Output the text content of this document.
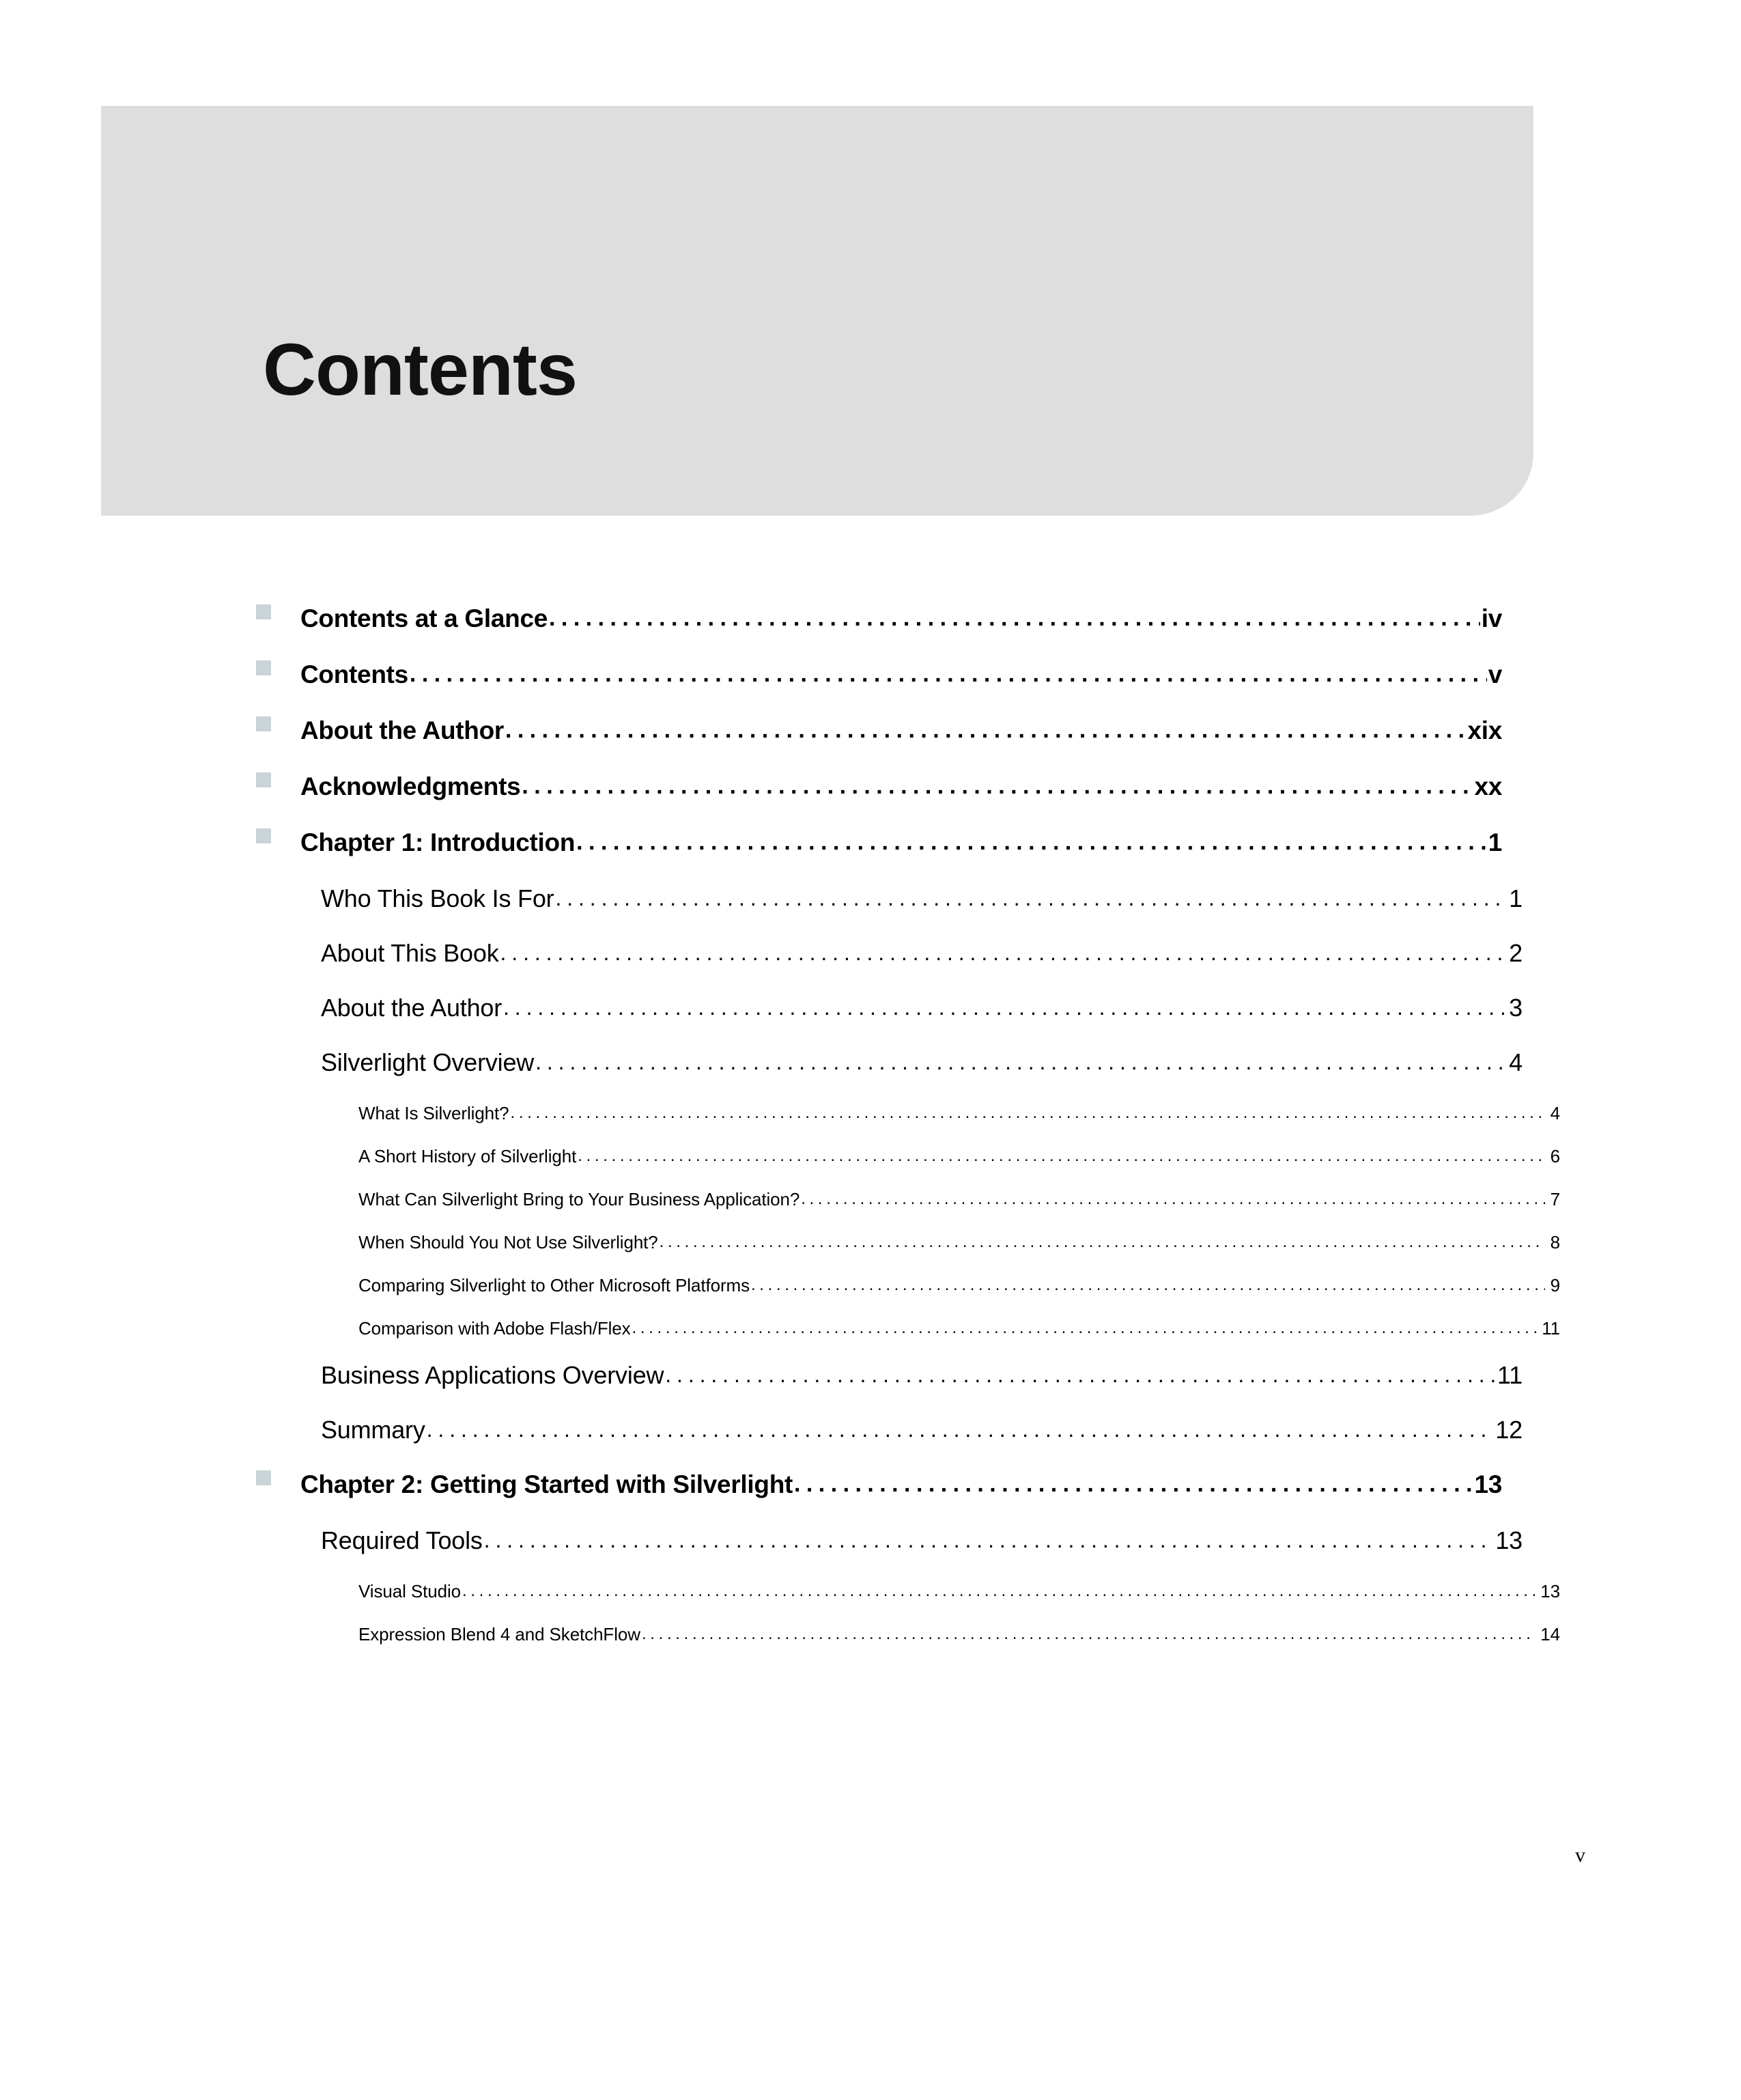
Contents
Contents at a Glance . . .	iv
Contents . . .	v
About the Author . . .	xix
Acknowledgments . . .	xx
Chapter 1: Introduction . . .	1
Who This Book Is For . . .	1
About This Book . . .	2
About the Author . . .	3
Silverlight Overview . . .	4
What Is Silverlight? . . .	4
A Short History of Silverlight . . .	6
What Can Silverlight Bring to Your Business Application? . . .	7
When Should You Not Use Silverlight? . . .	8
Comparing Silverlight to Other Microsoft Platforms . . .	9
Comparison with Adobe Flash/Flex . . .	11
Business Applications Overview . . .	11
Summary . . .	12
Chapter 2: Getting Started with Silverlight . . .	13
Required Tools . . .	13
Visual Studio . . .	13
Expression Blend 4 and SketchFlow . . .	14
v
